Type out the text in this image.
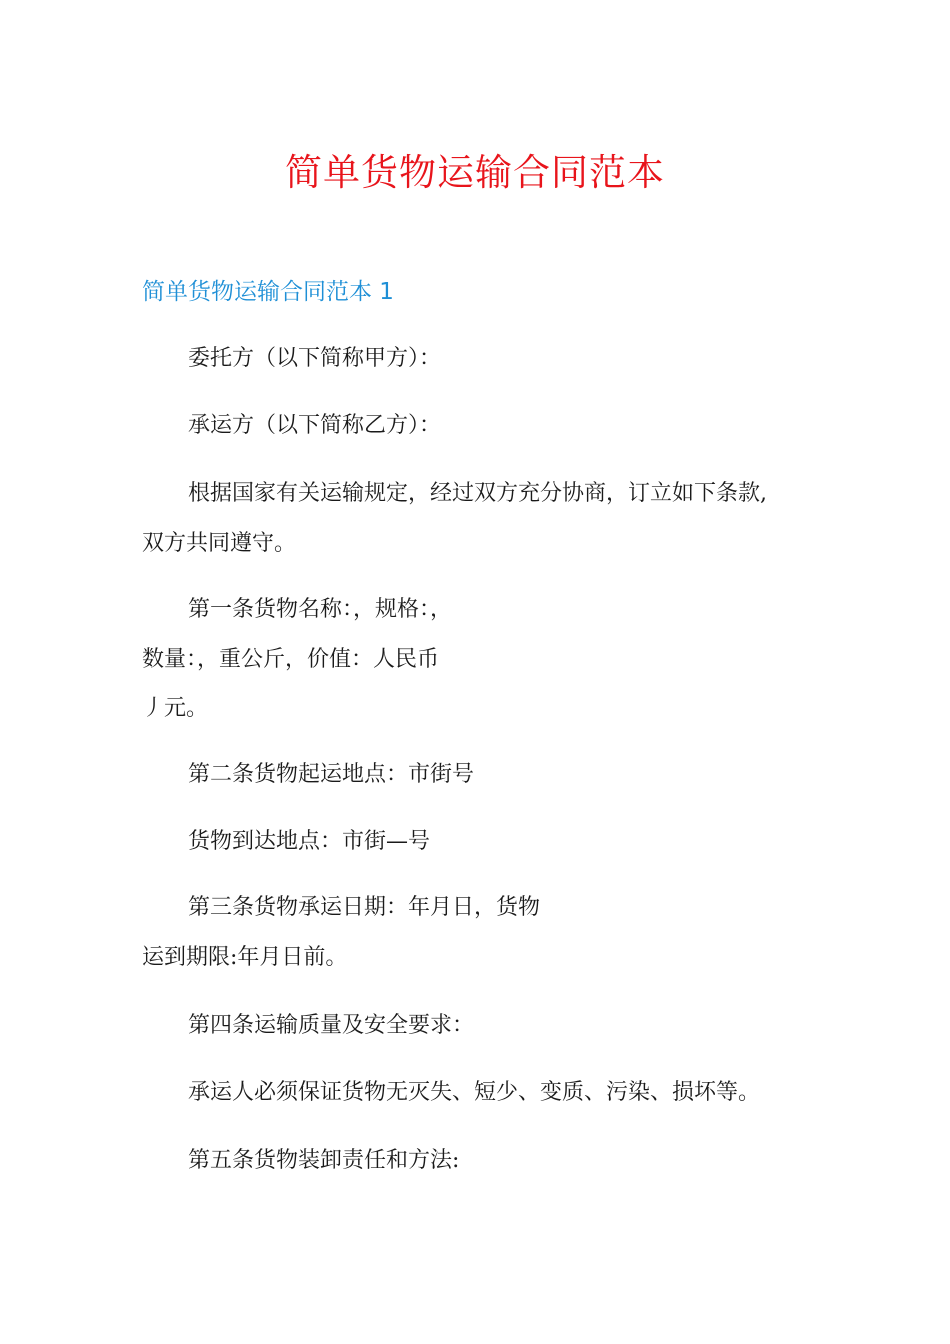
简单货物运输合同范本
简单货物运输合同范本 1
委托方（以下简称甲方）：
承运方（以下简称乙方）：
根据国家有关运输规定，经过双方充分协商，订立如下条款,
双方共同遵守。
第一条货物名称：，规格：，
数量：，重公斤，价值：人民币
丿元。
第二条货物起运地点：市街号
货物到达地点：市街—号
第三条货物承运日期：年月日，货物
运到期限:年月日前。
第四条运输质量及安全要求：
承运人必须保证货物无灭失、短少、变质、污染、损坏等。
第五条货物装卸责任和方法:
